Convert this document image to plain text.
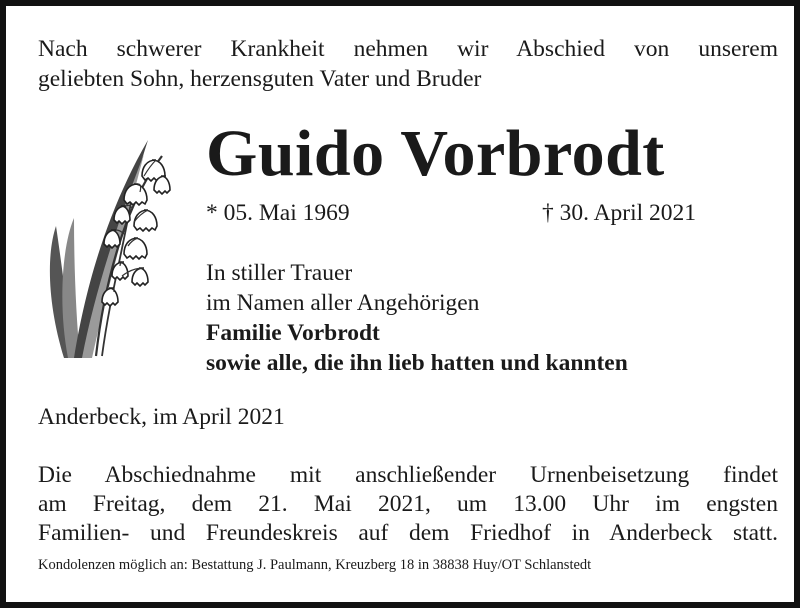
Nach schwerer Krankheit nehmen wir Abschied von unserem
geliebten Sohn, herzensguten Vater und Bruder

Guido Vorbrodt
* 05. Mai 1969	† 30. April 2021
In stiller Trauer
im Namen aller Angehörigen
Familie Vorbrodt
sowie alle, die ihn lieb hatten und kannten
Anderbeck, im April 2021

Die Abschiednahme mit anschließender Urnenbeisetzung findet
am Freitag, dem 21. Mai 2021, um 13.00 Uhr im engsten
Familien- und Freundeskreis auf dem Friedhof in Anderbeck statt.

Kondolenzen möglich an: Bestattung J. Paulmann, Kreuzberg 18 in 38838 Huy/OT Schlanstedt
